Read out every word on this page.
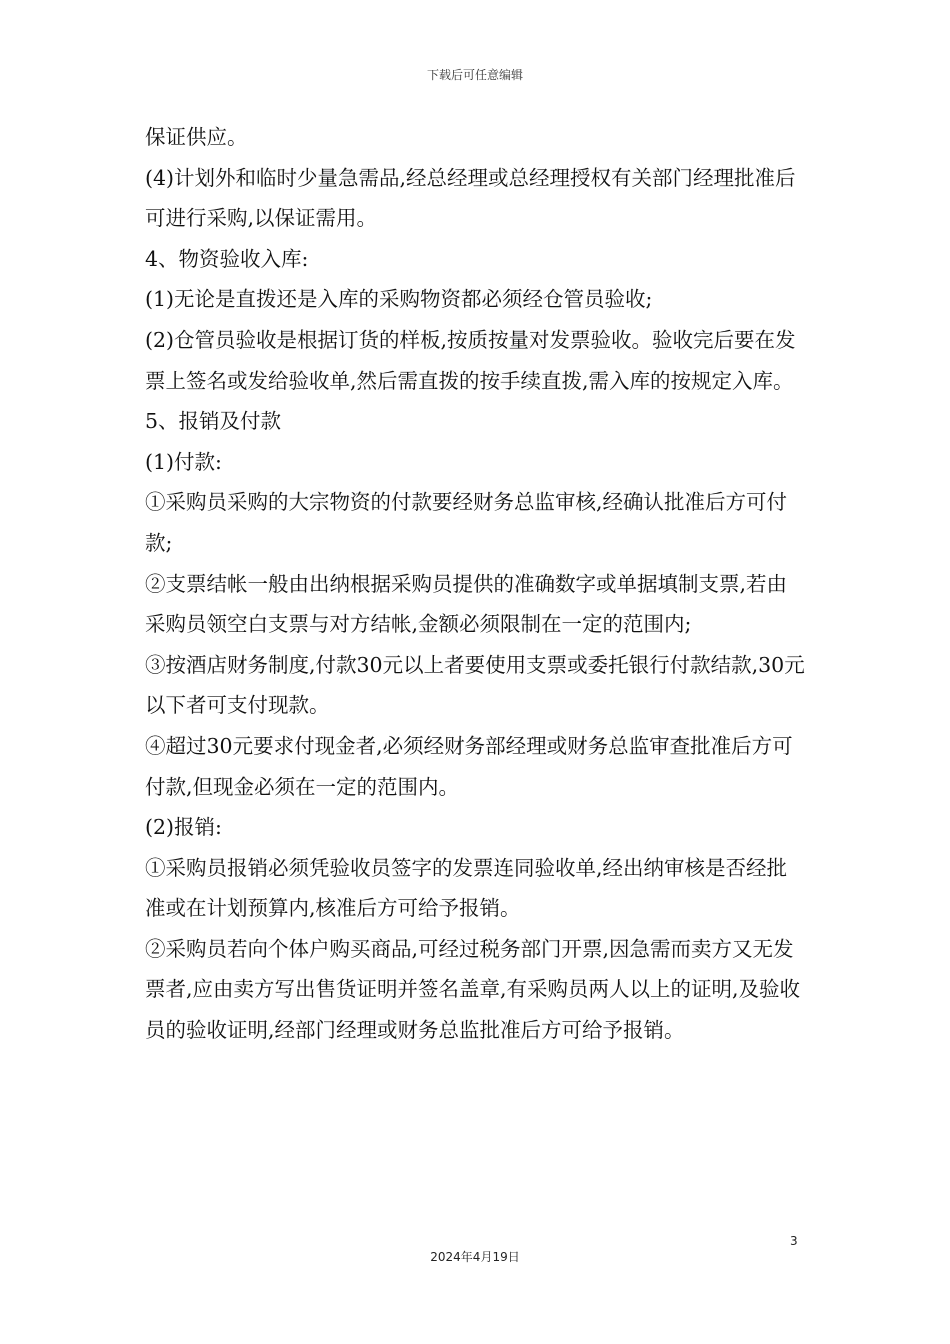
下载后可任意编辑

保证供应。

(4)计划外和临时少量急需品,经总经理或总经理授权有关部门经理批准后可进行采购,以保证需用。

4、物资验收入库:

(1)无论是直拨还是入库的采购物资都必须经仓管员验收;

(2)仓管员验收是根据订货的样板,按质按量对发票验收。验收完后要在发票上签名或发给验收单,然后需直拨的按手续直拨,需入库的按规定入库。

5、报销及付款

(1)付款:

①采购员采购的大宗物资的付款要经财务总监审核,经确认批准后方可付款;

②支票结帐一般由出纳根据采购员提供的准确数字或单据填制支票,若由采购员领空白支票与对方结帐,金额必须限制在一定的范围内;

③按酒店财务制度,付款30元以上者要使用支票或委托银行付款结款,30元以下者可支付现款。

④超过30元要求付现金者,必须经财务部经理或财务总监审查批准后方可付款,但现金必须在一定的范围内。

(2)报销:

①采购员报销必须凭验收员签字的发票连同验收单,经出纳审核是否经批准或在计划预算内,核准后方可给予报销。

②采购员若向个体户购买商品,可经过税务部门开票,因急需而卖方又无发票者,应由卖方写出售货证明并签名盖章,有采购员两人以上的证明,及验收员的验收证明,经部门经理或财务总监批准后方可给予报销。

3
2024年4月19日
